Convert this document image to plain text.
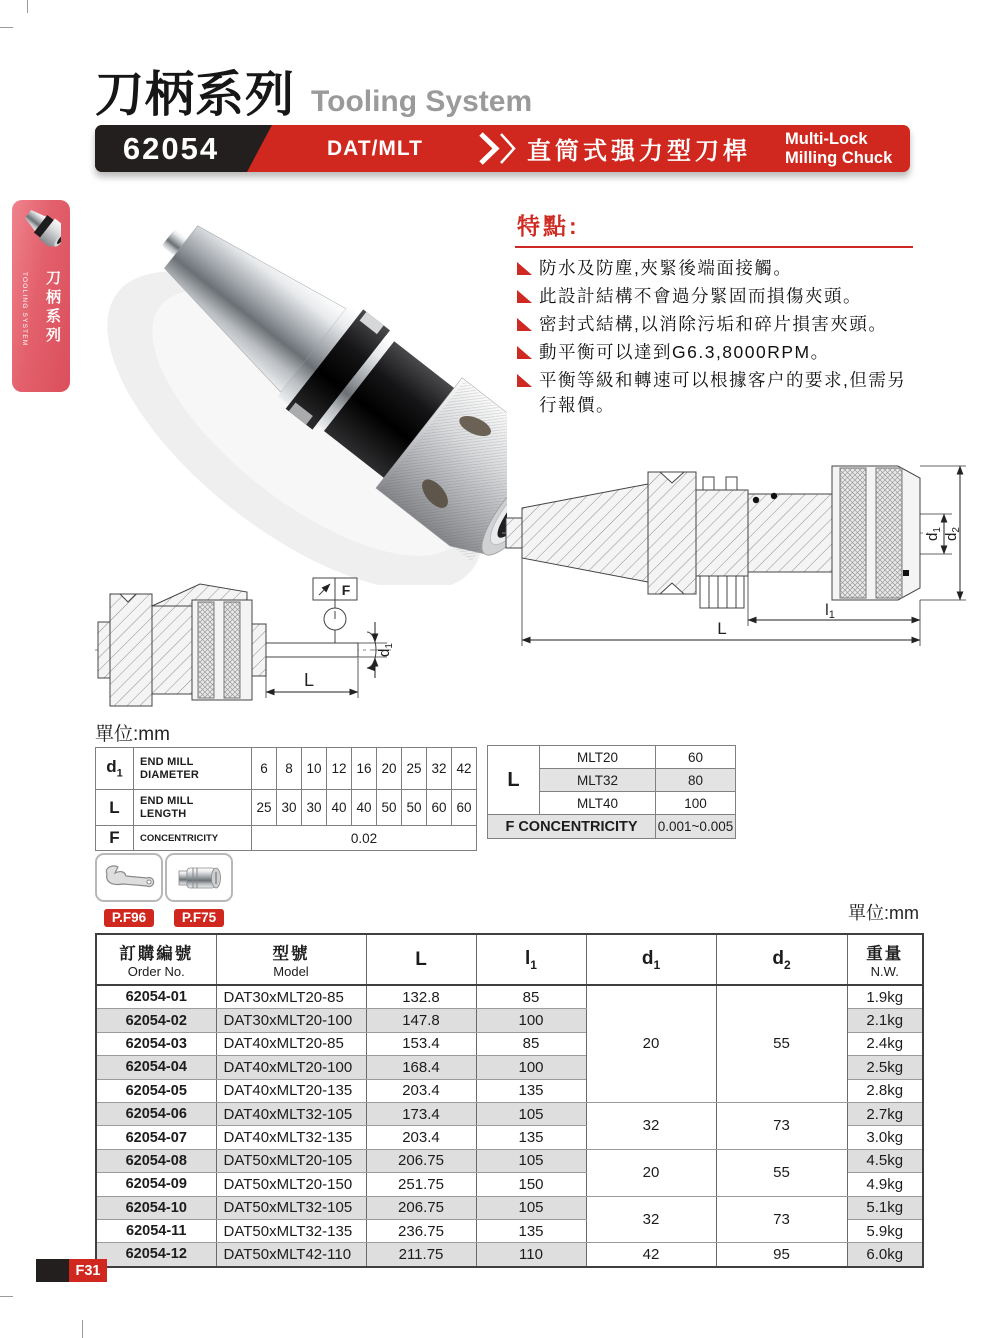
刀柄系列
TOOLING SYSTEM
刀柄系列 Tooling System
62054	DAT/MLT	直筒式强力型刀桿 Multi-Lock Milling Chuck
特點:
防水及防塵,夾緊後端面接觸。
此設計結構不會過分緊固而損傷夾頭。
密封式結構,以消除污垢和碎片損害夾頭。
動平衡可以達到G6.3,8000RPM。
平衡等級和轉速可以根據客户的要求,但需另行報價。
$d_1$
$d_2$
l1
L
$d_1$
L
F
單位:mm
單位:mm
$d_1$	END MILL
DIAMETER	6	8	10	12	16	20	25	32	42
L	END MILL
LENGTH	25	30	30	40	40	50	50	60	60
F	CONCENTRICITY	0.02								
L	MLT20	60
	MLT32	80
	MLT40	100
F CONCENTRICITY		0.001~0.005
P.F96	P.F75
訂購編號
Order No.

型號
Model

L	$l_1$	$d_1$	$d_2$

重量
N.W.

62054-01	DAT30xMLT20-85	132.8	85	20	55	1.9kg
62054-02	DAT30xMLT20-100	147.8	100			2.1kg
62054-03	DAT40xMLT20-85	153.4	85			2.4kg
62054-04	DAT40xMLT20-100	168.4	100			2.5kg
62054-05	DAT40xMLT20-135	203.4	135			2.8kg
62054-06	DAT40xMLT32-105	173.4	105	32	73	2.7kg
62054-07	DAT40xMLT32-135	203.4	135			3.0kg
62054-08	DAT50xMLT20-105	206.75	105	20	55	4.5kg
62054-09	DAT50xMLT20-150	251.75	150			4.9kg
62054-10	DAT50xMLT32-105	206.75	105	32	73	5.1kg
62054-11	DAT50xMLT32-135	236.75	135			5.9kg
62054-12	DAT50xMLT42-110	211.75	110	42	95	6.0kg
F31
